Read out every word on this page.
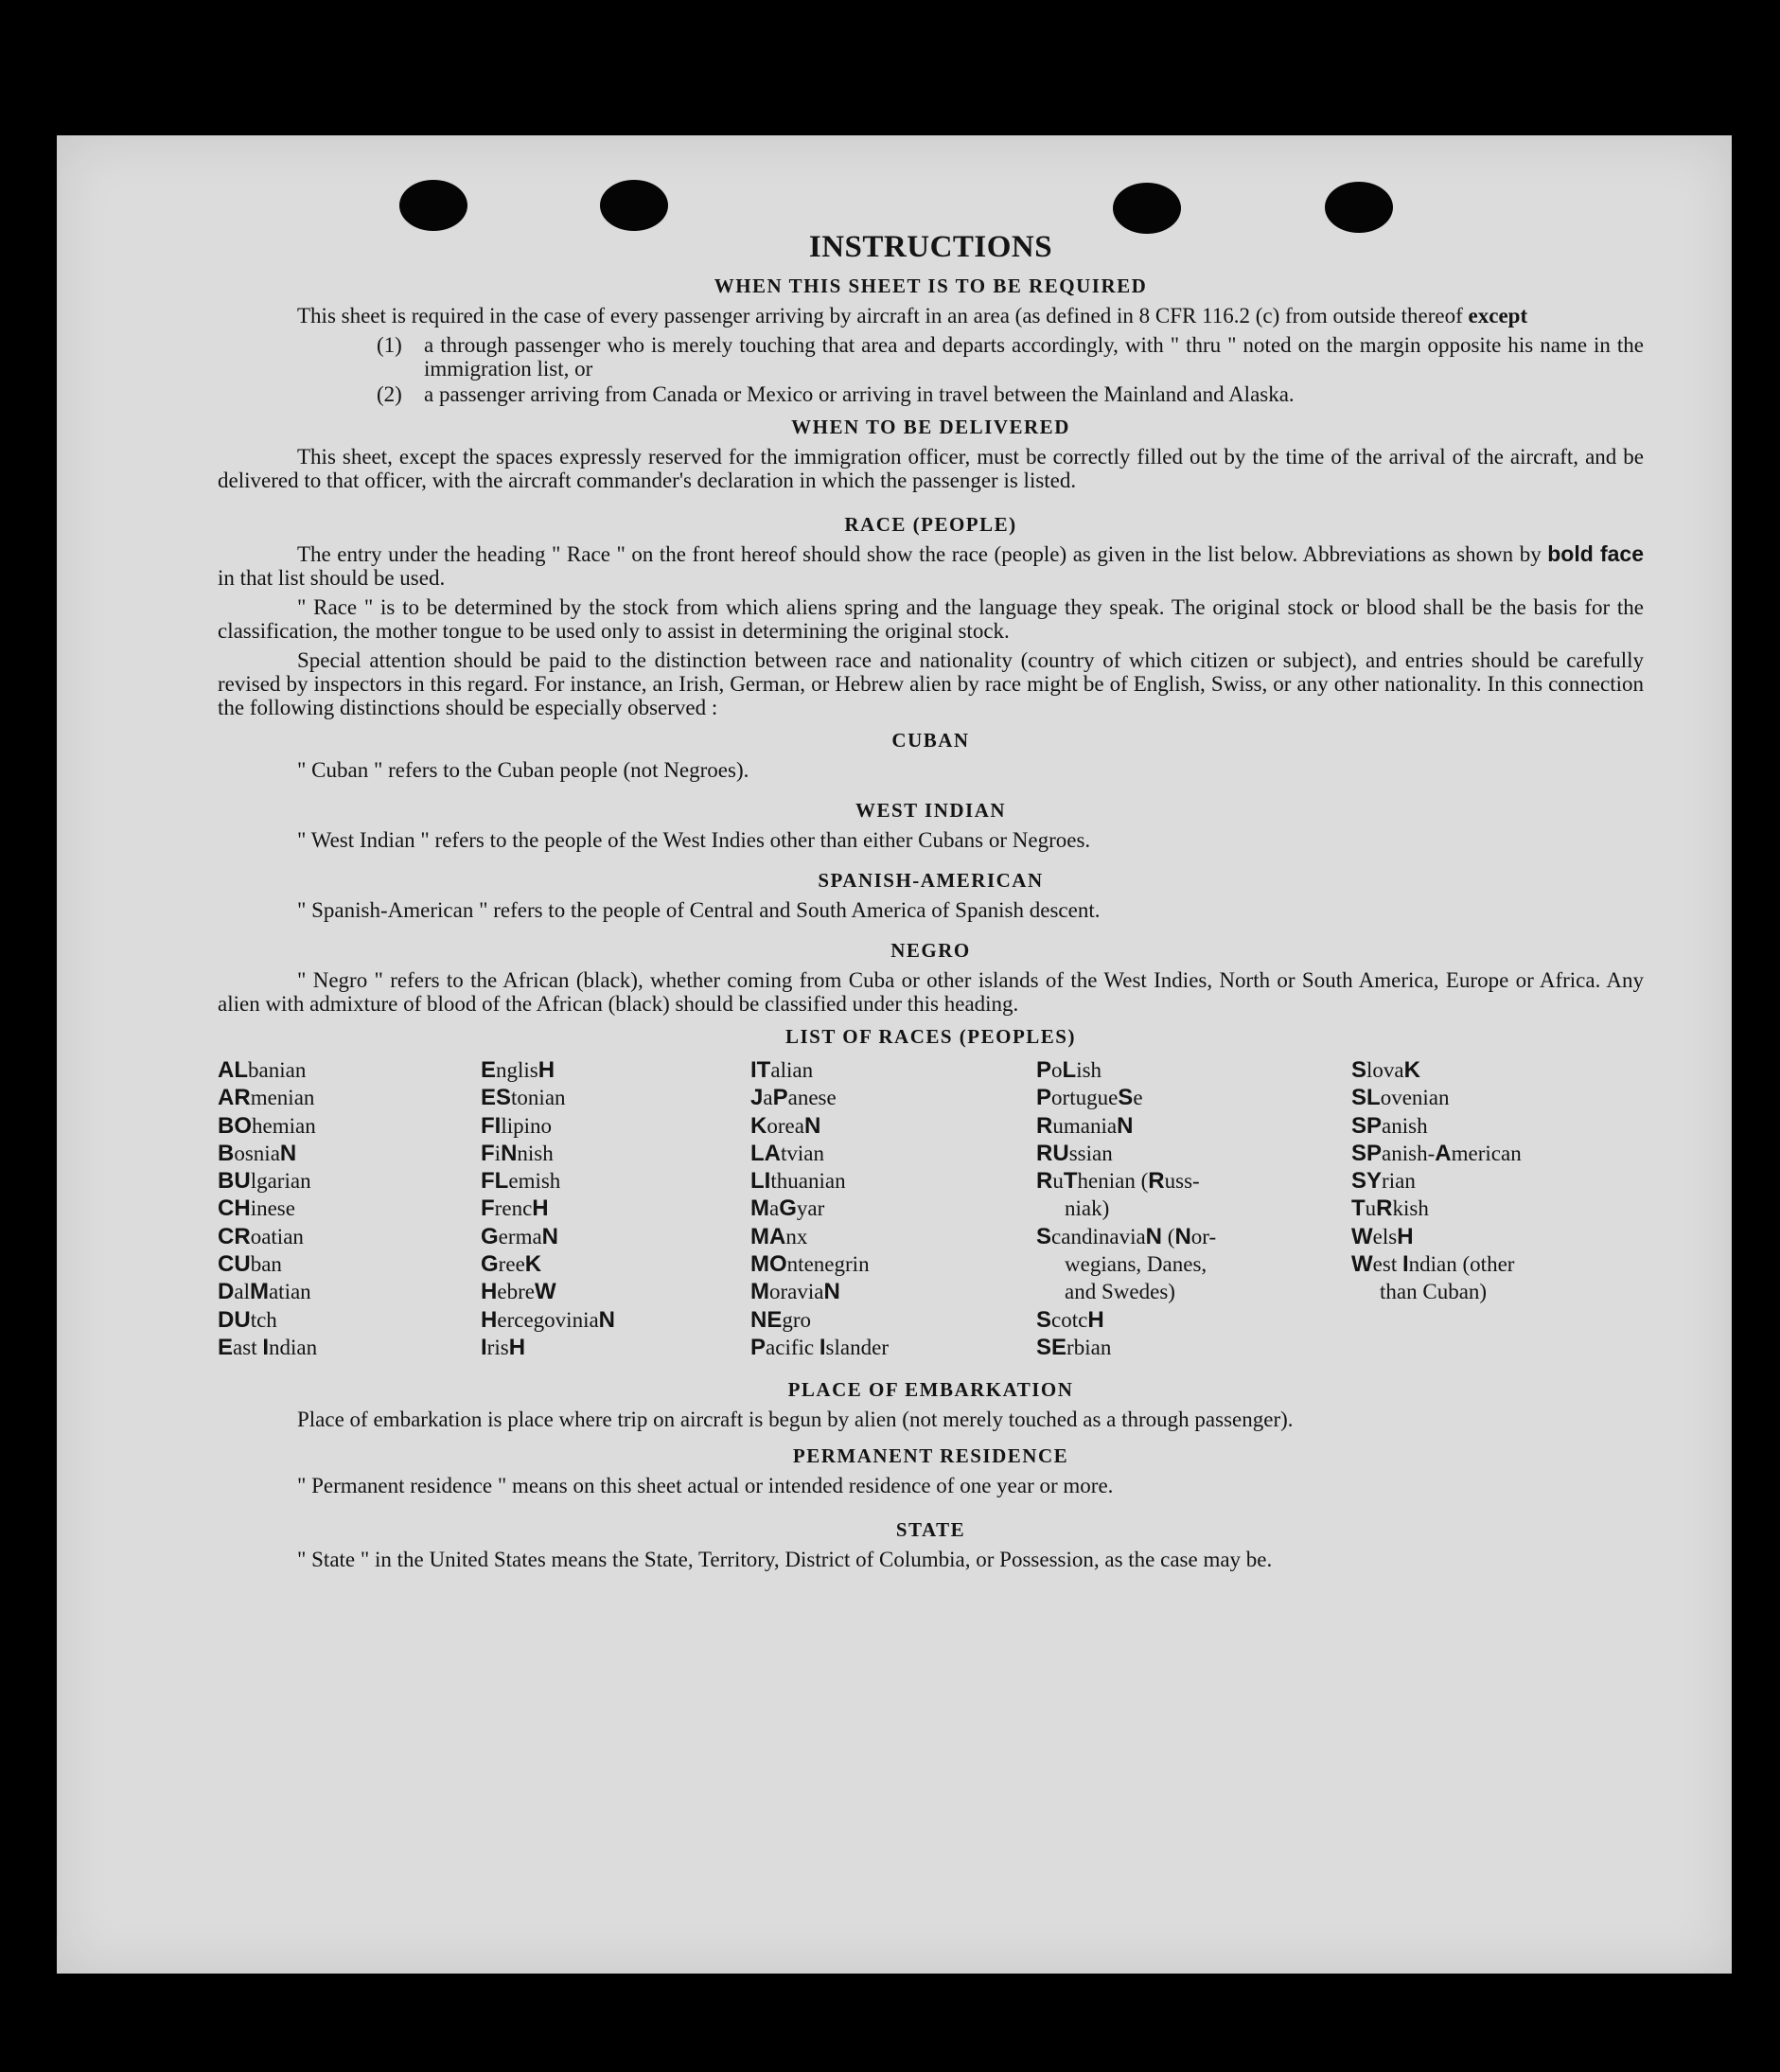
INSTRUCTIONS
WHEN THIS SHEET IS TO BE REQUIRED

This sheet is required in the case of every passenger arriving by aircraft in an area (as defined in 8 CFR 116.2 (c) from outside thereof except

(1)	a through passenger who is merely touching that area and departs accordingly, with " thru " noted on the margin opposite his name in the immigration list, or
(2)	a passenger arriving from Canada or Mexico or arriving in travel between the Mainland and Alaska.
WHEN TO BE DELIVERED

This sheet, except the spaces expressly reserved for the immigration officer, must be correctly filled out by the time of the arrival of the aircraft, and be delivered to that officer, with the aircraft commander's declaration in which the passenger is listed.

RACE (PEOPLE)

The entry under the heading " Race " on the front hereof should show the race (people) as given in the list below. Abbreviations as shown by bold face in that list should be used.

" Race " is to be determined by the stock from which aliens spring and the language they speak. The original stock or blood shall be the basis for the classification, the mother tongue to be used only to assist in determining the original stock.

Special attention should be paid to the distinction between race and nationality (country of which citizen or subject), and entries should be carefully revised by inspectors in this regard. For instance, an Irish, German, or Hebrew alien by race might be of English, Swiss, or any other nationality. In this connection the following distinctions should be especially observed :

CUBAN

" Cuban " refers to the Cuban people (not Negroes).

WEST INDIAN

" West Indian " refers to the people of the West Indies other than either Cubans or Negroes.

SPANISH-AMERICAN

" Spanish-American " refers to the people of Central and South America of Spanish descent.

NEGRO

" Negro " refers to the African (black), whether coming from Cuba or other islands of the West Indies, North or South America, Europe or Africa. Any alien with admixture of blood of the African (black) should be classified under this heading.

LIST OF RACES (PEOPLES)
ALbanian
ARmenian
BOhemian
BosniaN
BUlgarian
CHinese
CRoatian
CUban
DalMatian
DUtch
East Indian
EnglisH
EStonian
FIlipino
FiNnish
FLemish
FrencH
GermaN
GreeK
HebreW
HercegoviniaN
IrisH
ITalian
JaPanese
KoreaN
LAtvian
LIthuanian
MaGyar
MAnx
MOntenegrin
MoraviaN
NEgro
Pacific Islander
PoLish
PortugueSe
RumaniaN
RUssian
RuThenian (Russ-
niak)
ScandinaviaN (Nor-
wegians, Danes,
and Swedes)
ScotcH
SErbian
SlovaK
SLovenian
SPanish
SPanish-American
SYrian
TuRkish
WelsH
West Indian (other
than Cuban)
PLACE OF EMBARKATION

Place of embarkation is place where trip on aircraft is begun by alien (not merely touched as a through passenger).

PERMANENT RESIDENCE

" Permanent residence " means on this sheet actual or intended residence of one year or more.

STATE

" State " in the United States means the State, Territory, District of Columbia, or Possession, as the case may be.
